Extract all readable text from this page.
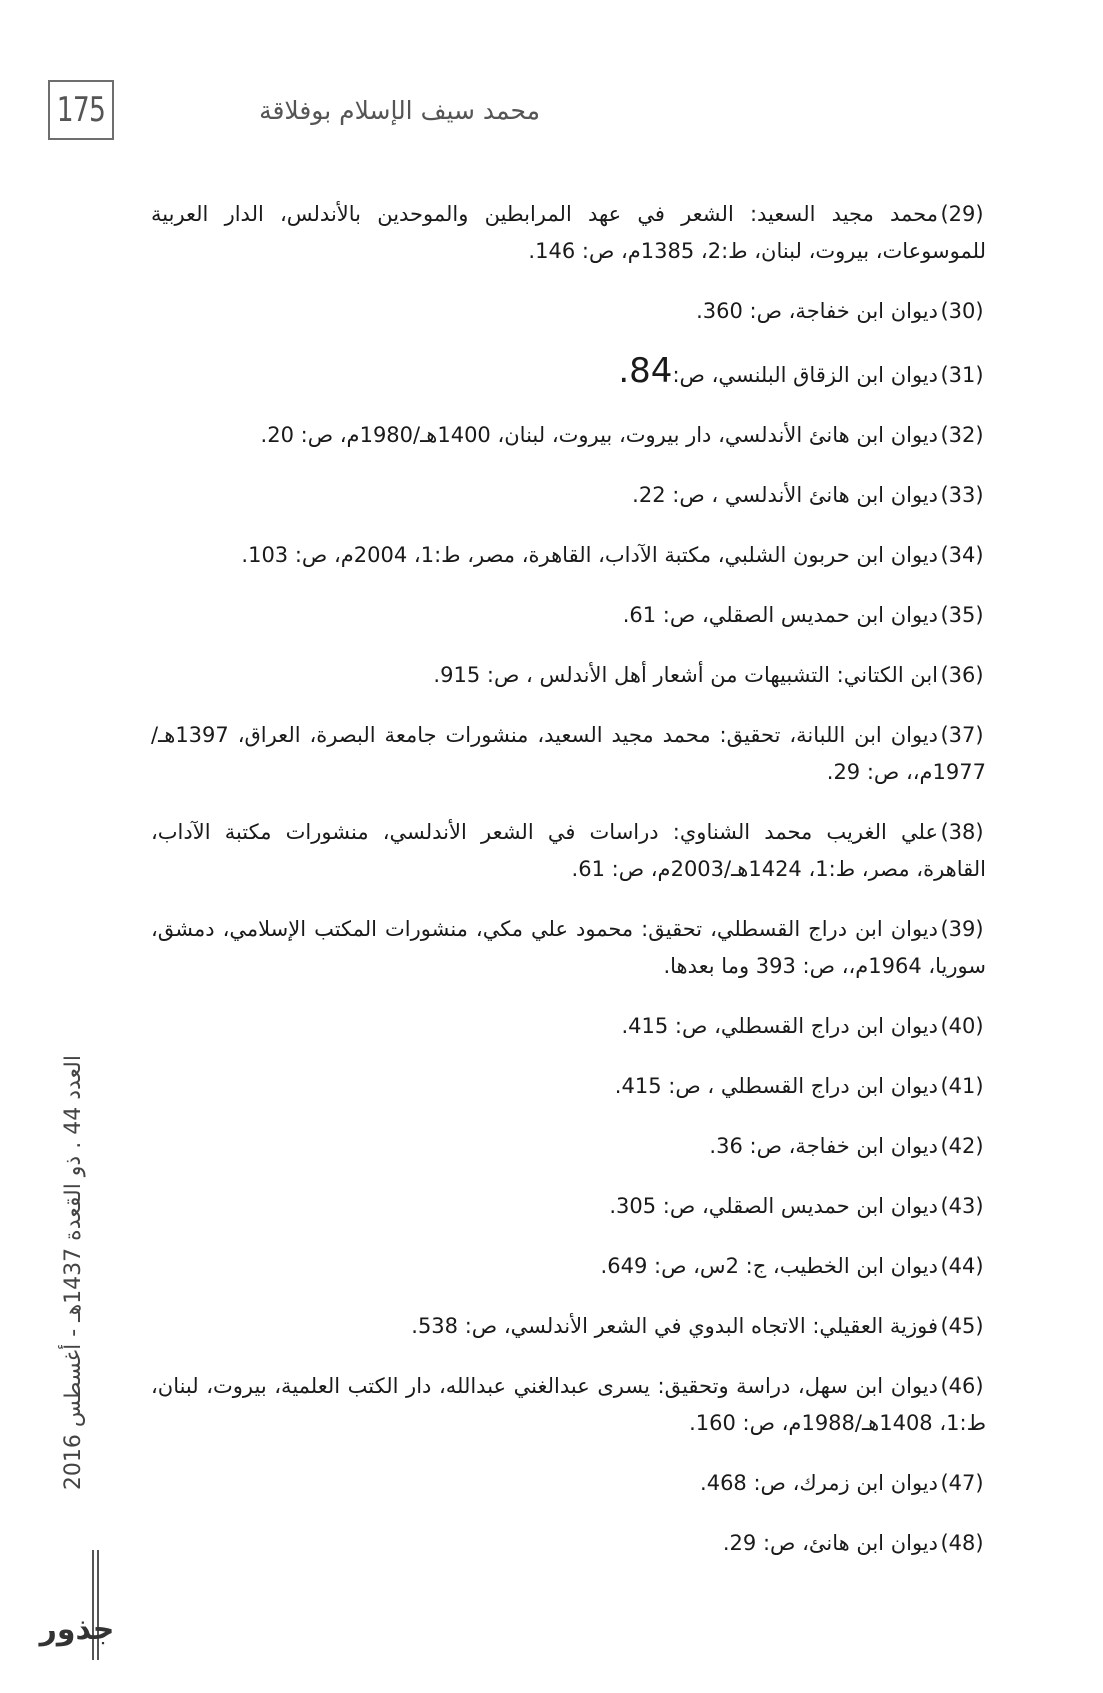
175	محمد سيف الإسلام بوفلاقة
(29)محمد مجيد السعيد: الشعر في عهد المرابطين والموحدين بالأندلس، الدار العربية للموسوعات، بيروت، لبنان، ط:2، 1385م، ص: 146.
(30)ديوان ابن خفاجة، ص: 360.
(31)ديوان ابن الزقاق البلنسي، ص:84.
(32)ديوان ابن هانئ الأندلسي، دار بيروت، بيروت، لبنان، 1400هـ/1980م، ص: 20.
(33)ديوان ابن هانئ الأندلسي ، ص: 22.
(34)ديوان ابن حربون الشلبي، مكتبة الآداب، القاهرة، مصر، ط:1، 2004م، ص: 103.
(35)ديوان ابن حمديس الصقلي، ص: 61.
(36)ابن الكتاني: التشبيهات من أشعار أهل الأندلس ، ص: 915.
(37)ديوان ابن اللبانة، تحقيق: محمد مجيد السعيد، منشورات جامعة البصرة، العراق، 1397هـ/ 1977م،، ص: 29.
(38)علي الغريب محمد الشناوي: دراسات في الشعر الأندلسي، منشورات مكتبة الآداب، القاهرة، مصر، ط:1، 1424هـ/2003م، ص: 61.
(39)ديوان ابن دراج القسطلي، تحقيق: محمود علي مكي، منشورات المكتب الإسلامي، دمشق، سوريا، 1964م،، ص: 393 وما بعدها.
(40)ديوان ابن دراج القسطلي، ص: 415.
(41)ديوان ابن دراج القسطلي ، ص: 415.
(42)ديوان ابن خفاجة، ص: 36.
(43)ديوان ابن حمديس الصقلي، ص: 305.
(44)ديوان ابن الخطيب، ج: 2س، ص: 649.
(45)فوزية العقيلي: الاتجاه البدوي في الشعر الأندلسي، ص: 538.
(46)ديوان ابن سهل، دراسة وتحقيق: يسرى عبدالغني عبدالله، دار الكتب العلمية، بيروت، لبنان، ط:1، 1408هـ/1988م، ص: 160.
(47)ديوان ابن زمرك، ص: 468.
(48)ديوان ابن هانئ، ص: 29.
العدد 44 . ذو القعدة 1437هـ - أغسطس 2016
جذور
